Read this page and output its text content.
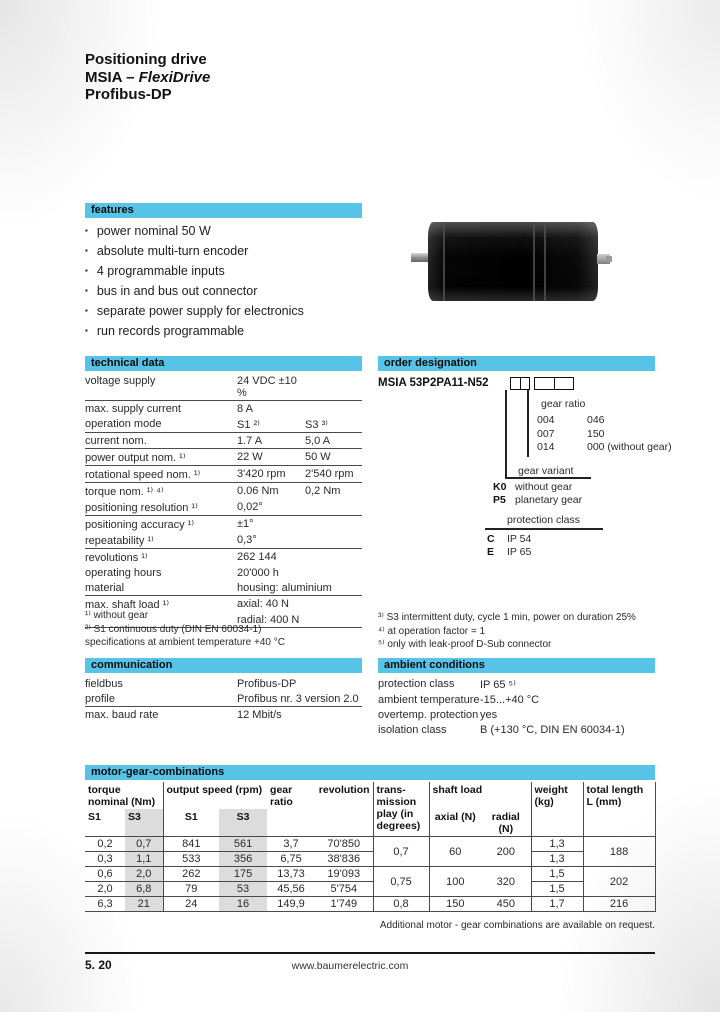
Positioning drive
MSIA – FlexiDrive
Profibus-DP
features
▪ power nominal 50 W
▪ absolute multi-turn encoder
▪ 4 programmable inputs
▪ bus in and bus out connector
▪ separate power supply for electronics
▪ run records programmable
technical data
voltage supply	24 VDC ±10 %	
max. supply current	8 A	
operation mode	S1 ²⁾	S3 ³⁾
current nom.	1.7 A	5,0 A
power output nom. ¹⁾	22 W	50 W
rotational speed nom. ¹⁾	3'420 rpm	2'540 rpm
torque nom. ¹⁾ ⁴⁾	0.06 Nm	0,2 Nm
positioning resolution ¹⁾	0,02°	
positioning accuracy ¹⁾	±1°	
repeatability ¹⁾	0,3°	
revolutions ¹⁾	262 144	
operating hours	20'000 h	
material	housing: aluminium	
max. shaft load ¹⁾	axial: 40 N	
	radial: 400 N	
¹⁾ without gear
²⁾ S1 continuous duty (DIN EN 60034-1)
specifications at ambient temperature +40 °C
order designation
MSIA 53P2PA11-N52
gear ratio
004	046
007	150
014	000 (without gear)
gear variant
K0 without gear
P5 planetary gear
protection class
C IP 54
E IP 65
³⁾ S3 intermittent duty, cycle 1 min, power on duration 25%
⁴⁾ at operation factor = 1
⁵⁾ only with leak-proof D-Sub connector
communication
fieldbus	Profibus-DP
profile	Profibus nr. 3 version 2.0
max. baud rate	12 Mbit/s
ambient conditions
protection class	IP 65 ⁵⁾
ambient temperature	-15...+40 °C
overtemp. protection	yes
isolation class	B (+130 °C, DIN EN 60034-1)
motor-gear-combinations
torque nominal (Nm)		output speed (rpm)		gear ratio	revolution	trans-mission play (in degrees)	shaft load		weight (kg)	total length L (mm)
S1	S3	S1	S3				axial (N)	radial (N)		
0,2	0,7	841	561	3,7	70'850	0,7	60	200	1,3	188
0,3	1,1	533	356	6,75	38'836				1,3	
0,6	2,0	262	175	13,73	19'093	0,75	100	320	1,5	202
2,0	6,8	79	53	45,56	5'754				1,5	
6,3	21	24	16	149,9	1'749	0,8	150	450	1,7	216
Additional motor - gear combinations are available on request.
5. 20	www.baumerelectric.com
